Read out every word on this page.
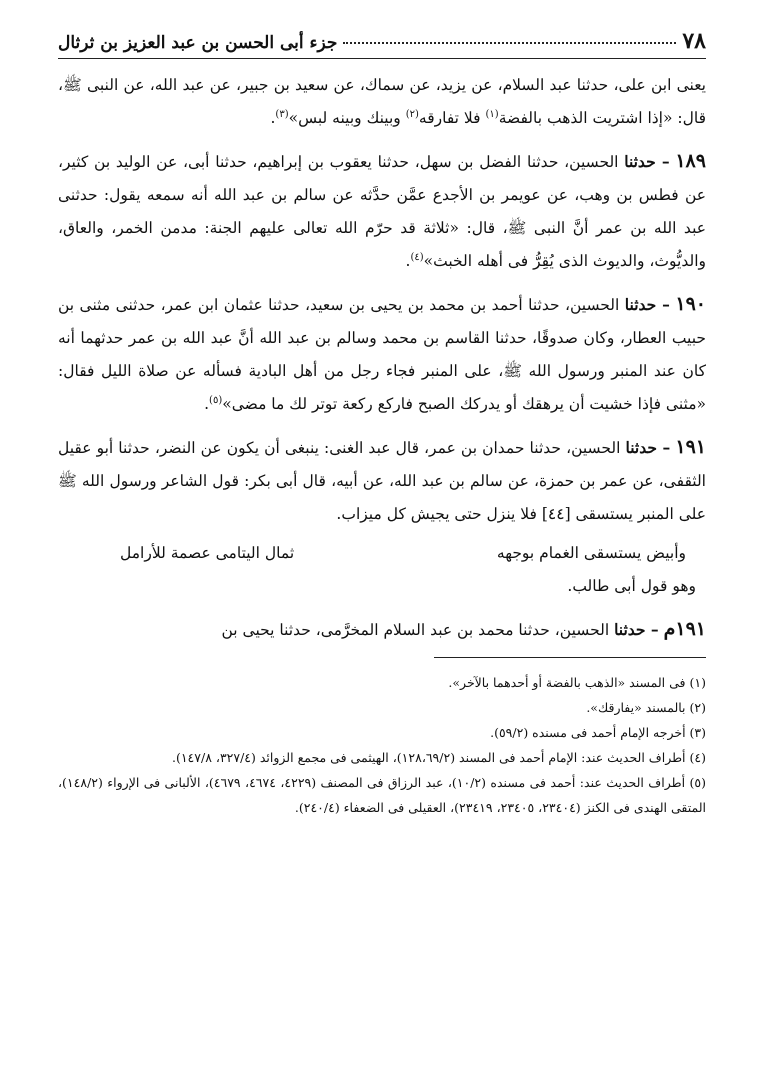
٧٨
جزء أبى الحسن بن عبد العزيز بن ثرثال

يعنى ابن على، حدثنا عبد السلام، عن يزيد، عن سماك، عن سعيد بن جبير، عن عبد الله، عن النبى ﷺ، قال: «إذا اشتريت الذهب بالفضة$^{(١)}$ فلا تفارقه$^{(٢)}$ وبينك وبينه لبس»$^{(٣)}$.

١٨٩ – حدثنا الحسين، حدثنا الفضل بن سهل، حدثنا يعقوب بن إبراهيم، حدثنا أبى، عن الوليد بن كثير، عن فطس بن وهب، عن عويمر بن الأجدع عمَّن حدَّثه عن سالم بن عبد الله أنه سمعه يقول: حدثنى عبد الله بن عمر أنَّ النبى ﷺ، قال: «ثلاثة قد حرّم الله تعالى عليهم الجنة: مدمن الخمر، والعاق، والديُّوث، والديوث الذى يُقِرُّ فى أهله الخبث»$^{(٤)}$.

١٩٠ – حدثنا الحسين، حدثنا أحمد بن محمد بن يحيى بن سعيد، حدثنا عثمان ابن عمر، حدثنى مثنى بن حبيب العطار، وكان صدوقًا، حدثنا القاسم بن محمد وسالم بن عبد الله أنَّ عبد الله بن عمر حدثهما أنه كان عند المنبر ورسول الله ﷺ، على المنبر فجاء رجل من أهل البادية فسأله عن صلاة الليل فقال: «مثنى فإذا خشيت أن يرهقك أو يدركك الصبح فاركع ركعة توتر لك ما مضى»$^{(٥)}$.

١٩١ – حدثنا الحسين، حدثنا حمدان بن عمر، قال عبد الغنى: ينبغى أن يكون عن النضر، حدثنا أبو عقيل الثقفى، عن عمر بن حمزة، عن سالم بن عبد الله، عن أبيه، قال أبى بكر: قول الشاعر ورسول الله ﷺ على المنبر يستسقى [٤٤] فلا ينزل حتى يجيش كل ميزاب.

وأبيض يستسقى الغمام بوجهه
ثمال اليتامى عصمة للأرامل

وهو قول أبى طالب.

١٩١م – حدثنا الحسين، حدثنا محمد بن عبد السلام المخرَّمى، حدثنا يحيى بن

(١) فى المسند «الذهب بالفضة أو أحدهما بالآخر».

(٢) بالمسند «يفارقك».

(٣) أخرجه الإمام أحمد فى مسنده (٥٩/٢).

(٤) أطراف الحديث عند: الإمام أحمد فى المسند (١٢٨،٦٩/٢)، الهيثمى فى مجمع الزوائد (٣٢٧/٤، ١٤٧/٨).

(٥) أطراف الحديث عند: أحمد فى مسنده (١٠/٢)، عبد الرزاق فى المصنف (٤٢٢٩، ٤٦٧٤، ٤٦٧٩)، الألبانى فى الإرواء (١٤٨/٢)، المتقى الهندى فى الكنز (٢٣٤٠٤، ٢٣٤٠٥، ٢٣٤١٩)، العقيلى فى الضعفاء (٢٤٠/٤).
